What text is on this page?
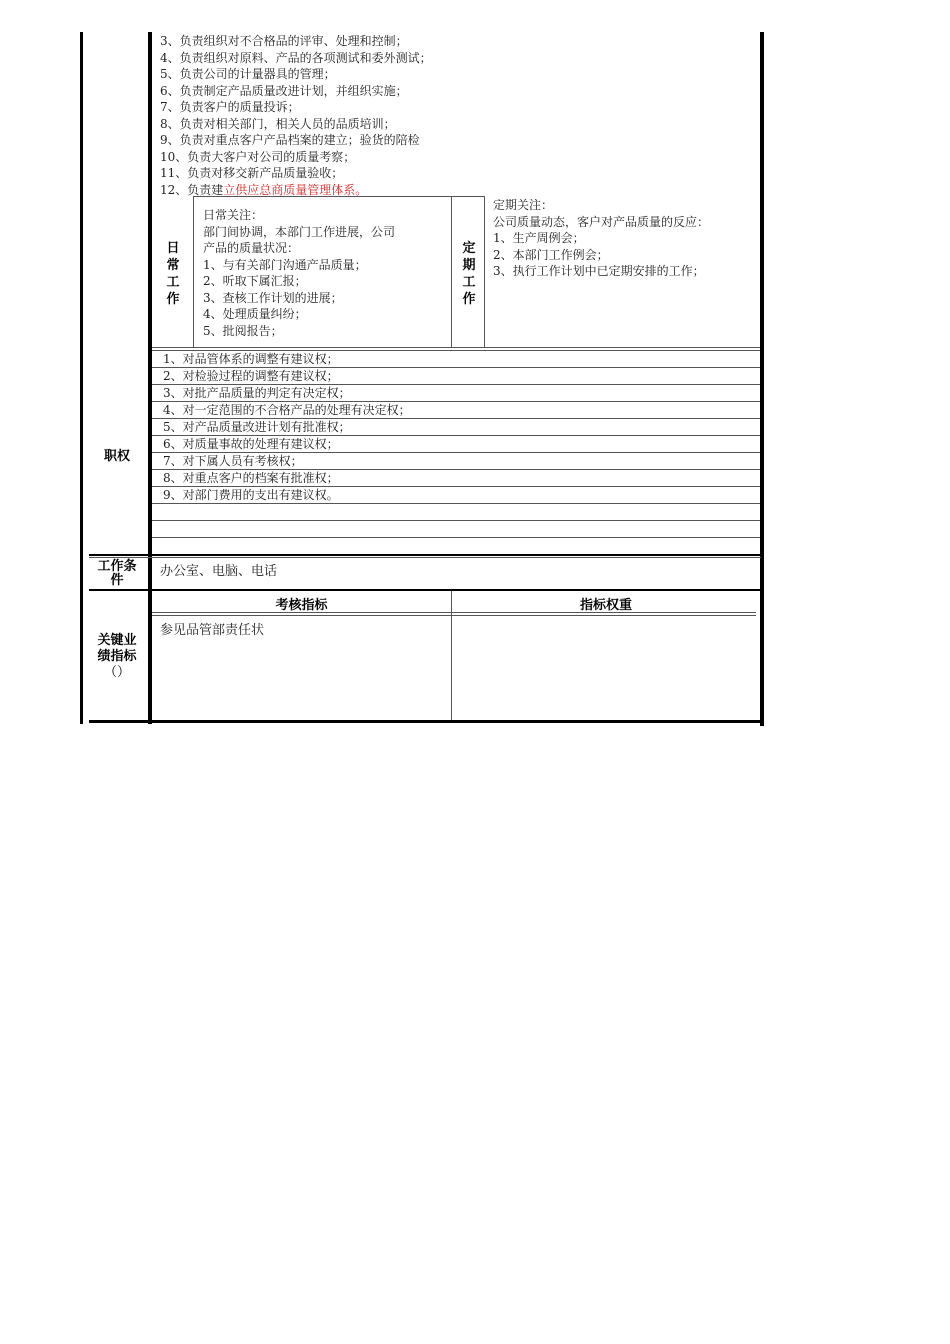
3、负责组织对不合格品的评审、处理和控制；
4、负责组织对原料、产品的各项测试和委外测试；
5、负责公司的计量器具的管理；
6、负责制定产品质量改进计划，并组织实施；
7、负责客户的质量投诉；
8、负责对相关部门，相关人员的品质培训；
9、负责对重点客户产品档案的建立；验货的陪检
10、负责大客户对公司的质量考察；
11、负责对移交新产品质量验收；
12、负责建立供应总商质量管理体系。
日
常
工
作
日常关注：
部门间协调，本部门工作进展，公司
产品的质量状况：
1、与有关部门沟通产品质量；
2、听取下属汇报；
3、查核工作计划的进展；
4、处理质量纠纷；
5、批阅报告；
定
期
工
作
定期关注：
公司质量动态，客户对产品质量的反应：
1、生产周例会；
2、本部门工作例会；
3、执行工作计划中已定期安排的工作；
职权
1、对品管体系的调整有建议权；
2、对检验过程的调整有建议权；
3、对批产品质量的判定有决定权；
4、对一定范围的不合格产品的处理有决定权；
5、对产品质量改进计划有批准权；
6、对质量事故的处理有建议权；
7、对下属人员有考核权；
8、对重点客户的档案有批准权；
9、对部门费用的支出有建议权。
工作条
件
办公室、电脑、电话
考核指标	指标权重
关键业
绩指标
（）
参见品管部责任状
